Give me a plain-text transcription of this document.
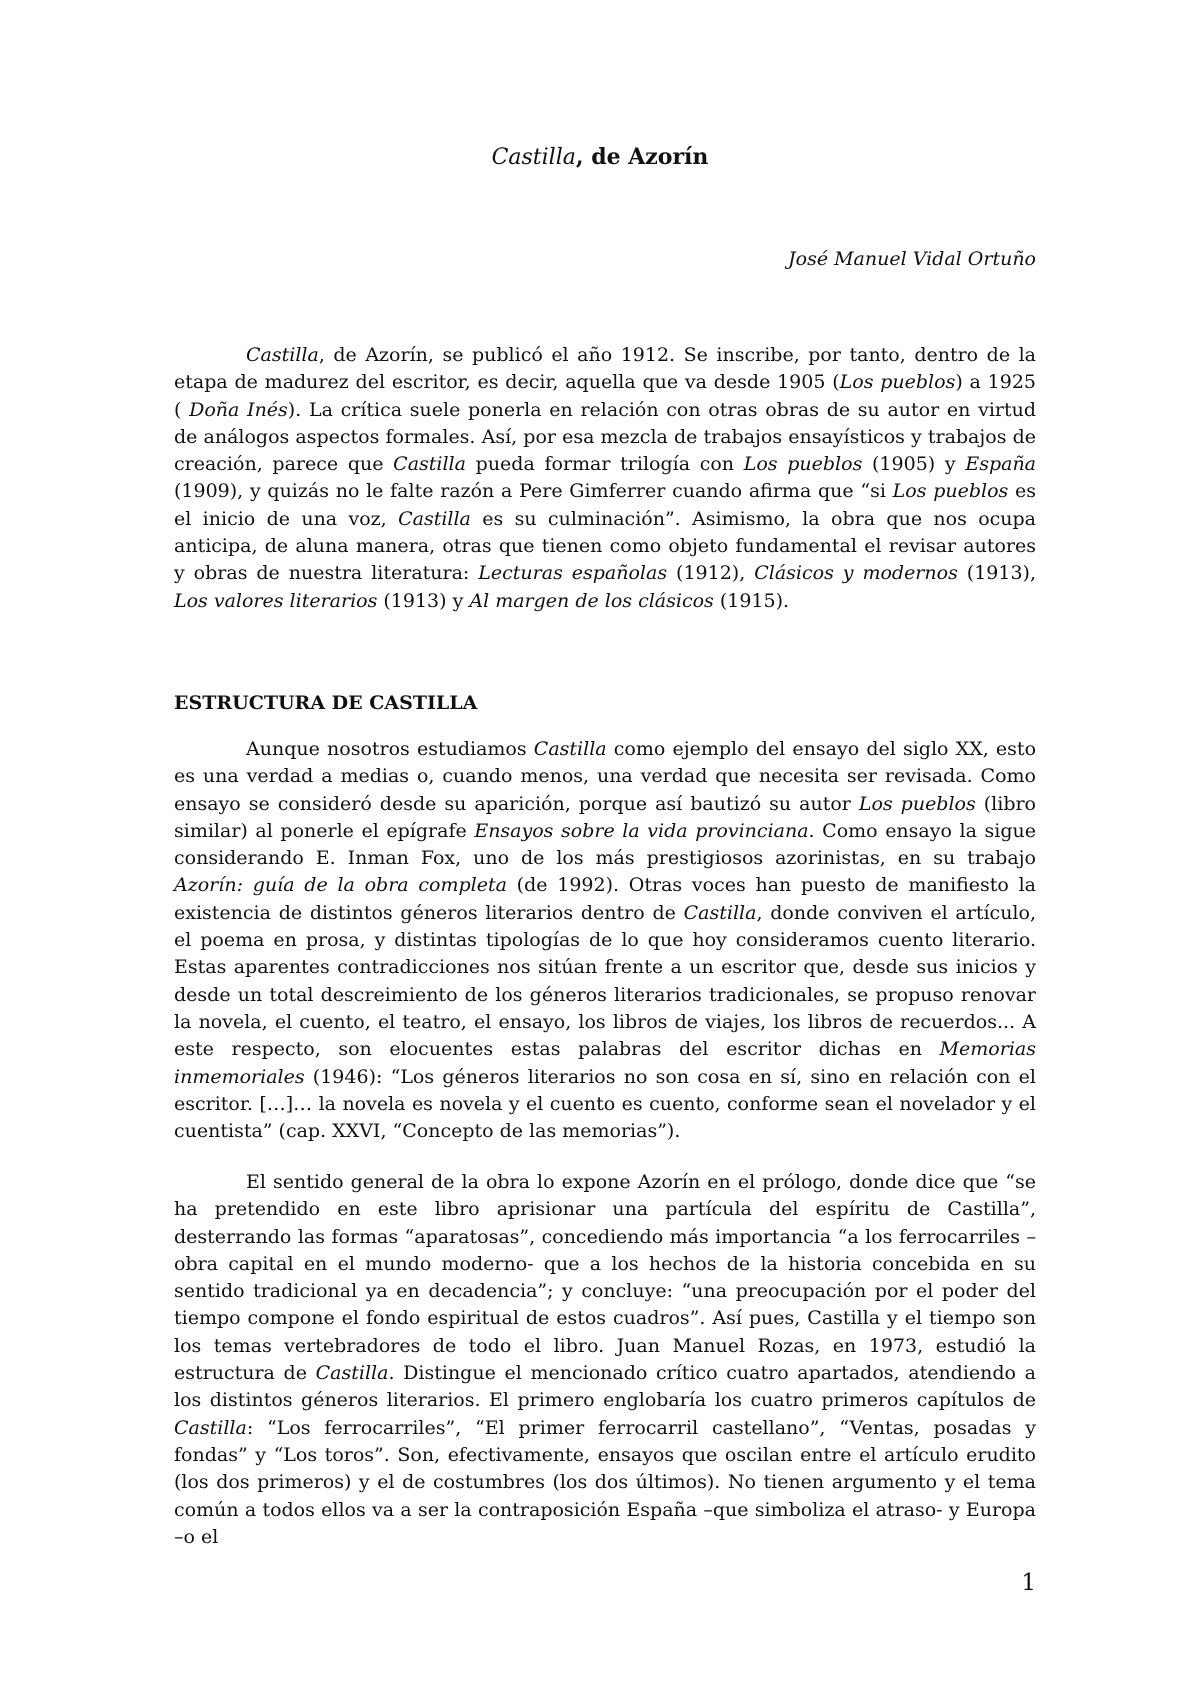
Castilla, de Azorín
José Manuel Vidal Ortuño

Castilla, de Azorín, se publicó el año 1912. Se inscribe, por tanto, dentro de la etapa de madurez del escritor, es decir, aquella que va desde 1905 (Los pueblos) a 1925 ( Doña Inés). La crítica suele ponerla en relación con otras obras de su autor en virtud de análogos aspectos formales. Así, por esa mezcla de trabajos ensayísticos y trabajos de creación, parece que Castilla pueda formar trilogía con Los pueblos (1905) y España (1909), y quizás no le falte razón a Pere Gimferrer cuando afirma que “si Los pueblos es el inicio de una voz, Castilla es su culminación”. Asimismo, la obra que nos ocupa anticipa, de aluna manera, otras que tienen como objeto fundamental el revisar autores y obras de nuestra literatura: Lecturas españolas (1912), Clásicos y modernos (1913), Los valores literarios (1913) y Al margen de los clásicos (1915).

ESTRUCTURA DE CASTILLA

Aunque nosotros estudiamos Castilla como ejemplo del ensayo del siglo XX, esto es una verdad a medias o, cuando menos, una verdad que necesita ser revisada. Como ensayo se consideró desde su aparición, porque así bautizó su autor Los pueblos (libro similar) al ponerle el epígrafe Ensayos sobre la vida provinciana. Como ensayo la sigue considerando E. Inman Fox, uno de los más prestigiosos azorinistas, en su trabajo Azorín: guía de la obra completa (de 1992). Otras voces han puesto de manifiesto la existencia de distintos géneros literarios dentro de Castilla, donde conviven el artículo, el poema en prosa, y distintas tipologías de lo que hoy consideramos cuento literario. Estas aparentes contradicciones nos sitúan frente a un escritor que, desde sus inicios y desde un total descreimiento de los géneros literarios tradicionales, se propuso renovar la novela, el cuento, el teatro, el ensayo, los libros de viajes, los libros de recuerdos... A este respecto, son elocuentes estas palabras del escritor dichas en Memorias inmemoriales (1946): “Los géneros literarios no son cosa en sí, sino en relación con el escritor. […]… la novela es novela y el cuento es cuento, conforme sean el novelador y el cuentista” (cap. XXVI, “Concepto de las memorias”).

El sentido general de la obra lo expone Azorín en el prólogo, donde dice que “se ha pretendido en este libro aprisionar una partícula del espíritu de Castilla”, desterrando las formas “aparatosas”, concediendo más importancia “a los ferrocarriles –obra capital en el mundo moderno- que a los hechos de la historia concebida en su sentido tradicional ya en decadencia”; y concluye: “una preocupación por el poder del tiempo compone el fondo espiritual de estos cuadros”. Así pues, Castilla y el tiempo son los temas vertebradores de todo el libro. Juan Manuel Rozas, en 1973, estudió la estructura de Castilla. Distingue el mencionado crítico cuatro apartados, atendiendo a los distintos géneros literarios. El primero englobaría los cuatro primeros capítulos de Castilla: “Los ferrocarriles”, “El primer ferrocarril castellano”, “Ventas, posadas y fondas” y “Los toros”. Son, efectivamente, ensayos que oscilan entre el artículo erudito (los dos primeros) y el de costumbres (los dos últimos). No tienen argumento y el tema común a todos ellos va a ser la contraposición España –que simboliza el atraso- y Europa –o el

1
